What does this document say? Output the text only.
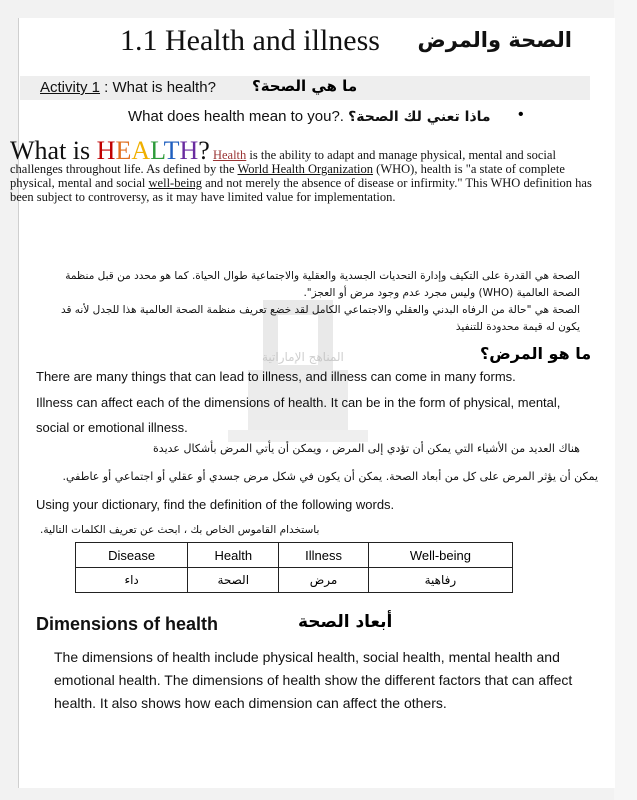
المناهج الإماراتية
1.1 Health and illness الصحة والمرض
Activity 1 : What is health? ما هي الصحة؟
What does health mean to you?. ماذا تعني لك الصحة؟	•
What is HEALTH? Health is the ability to adapt and manage physical, mental and social challenges throughout life. As defined by the World Health Organization (WHO), health is "a state of complete physical, mental and social well-being and not merely the absence of disease or infirmity." This WHO definition has been subject to controversy, as it may have limited value for implementation.
الصحة هي القدرة على التكيف وإدارة التحديات الجسدية والعقلية والاجتماعية طوال الحياة. كما هو محدد من قبل منظمة الصحة العالمية (WHO) وليس مجرد عدم وجود مرض أو العجز".
الصحة هي "حالة من الرفاه البدني والعقلي والاجتماعي الكامل لقد خضع تعريف منظمة الصحة العالمية هذا للجدل لأنه قد يكون له قيمة محدودة للتنفيذ
ما هو المرض؟
There are many things that can lead to illness, and illness can come in many forms.
Illness can affect each of the dimensions of health. It can be in the form of physical, mental, social or emotional illness.
هناك العديد من الأشياء التي يمكن أن تؤدي إلى المرض ، ويمكن أن يأتي المرض بأشكال عديدة
يمكن أن يؤثر المرض على كل من أبعاد الصحة. يمكن أن يكون في شكل مرض جسدي أو عقلي أو اجتماعي أو عاطفي.
Using your dictionary, find the definition of the following words.
باستخدام القاموس الخاص بك ، ابحث عن تعريف الكلمات التالية.
Disease	Health	Illness	Well-being
داء	الصحة	مرض	رفاهية
Dimensions of health	أبعاد الصحة
The dimensions of health include physical health, social health, mental health and emotional health. The dimensions of health show the different factors that can affect health. It also shows how each dimension can affect the others.
